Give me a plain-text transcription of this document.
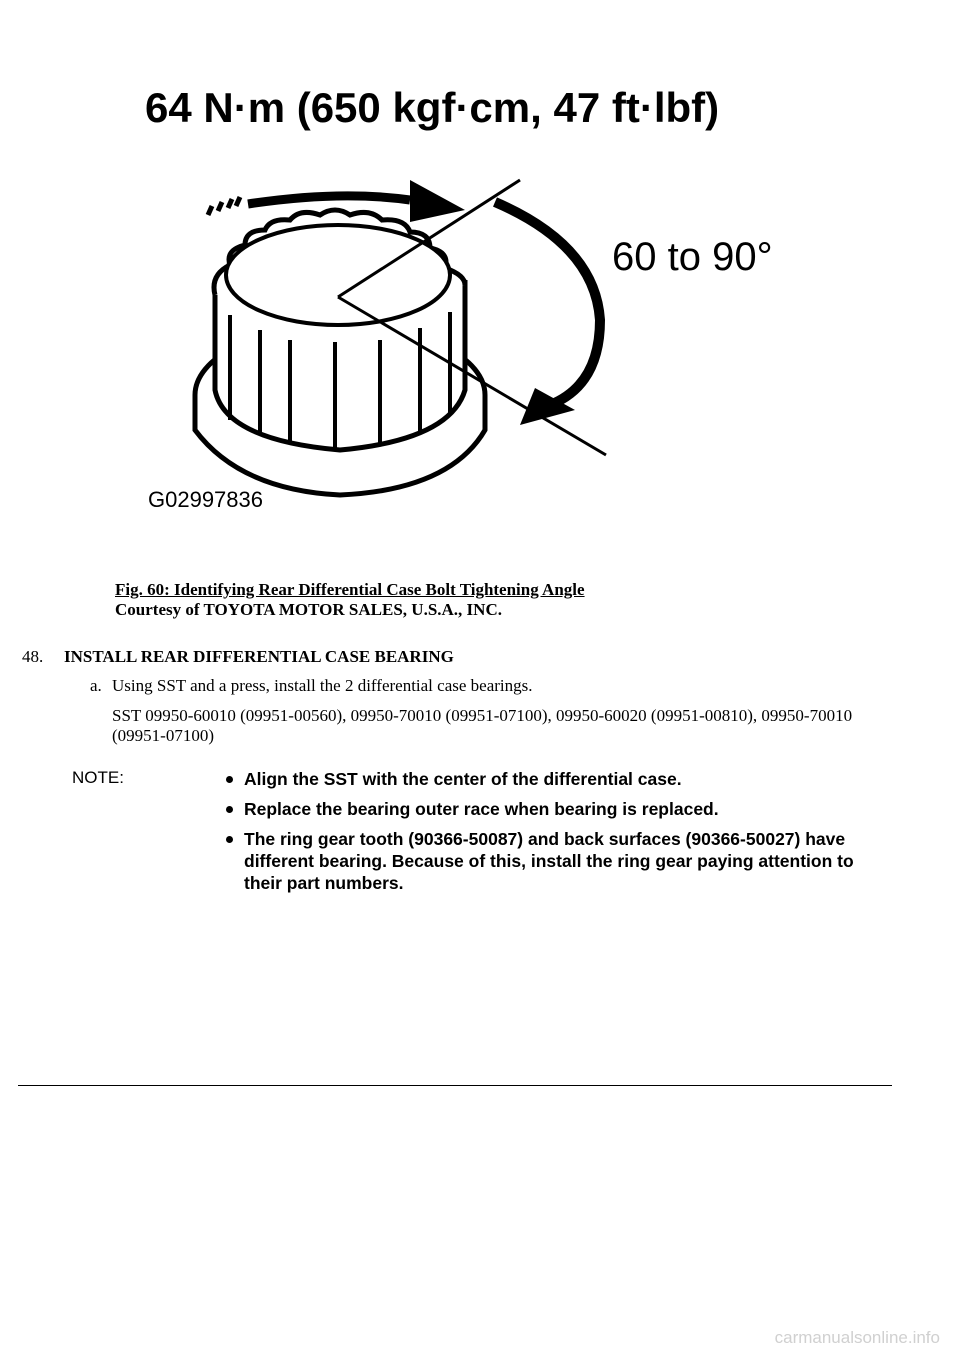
64 N·m (650 kgf·cm, 47 ft·lbf)
60 to 90°
G02997836
Fig. 60: Identifying Rear Differential Case Bolt Tightening Angle
Courtesy of TOYOTA MOTOR SALES, U.S.A., INC.
48. INSTALL REAR DIFFERENTIAL CASE BEARING
a. Using SST and a press, install the 2 differential case bearings.
SST 09950-60010 (09951-00560), 09950-70010 (09951-07100), 09950-60020 (09951-00810), 09950-70010 (09951-07100)
NOTE:	Align the SST with the center of the differential case.
Replace the bearing outer race when bearing is replaced.
The ring gear tooth (90366-50087) and back surfaces (90366-50027) have different bearing. Because of this, install the ring gear paying attention to their part numbers.
carmanualsonline.info
